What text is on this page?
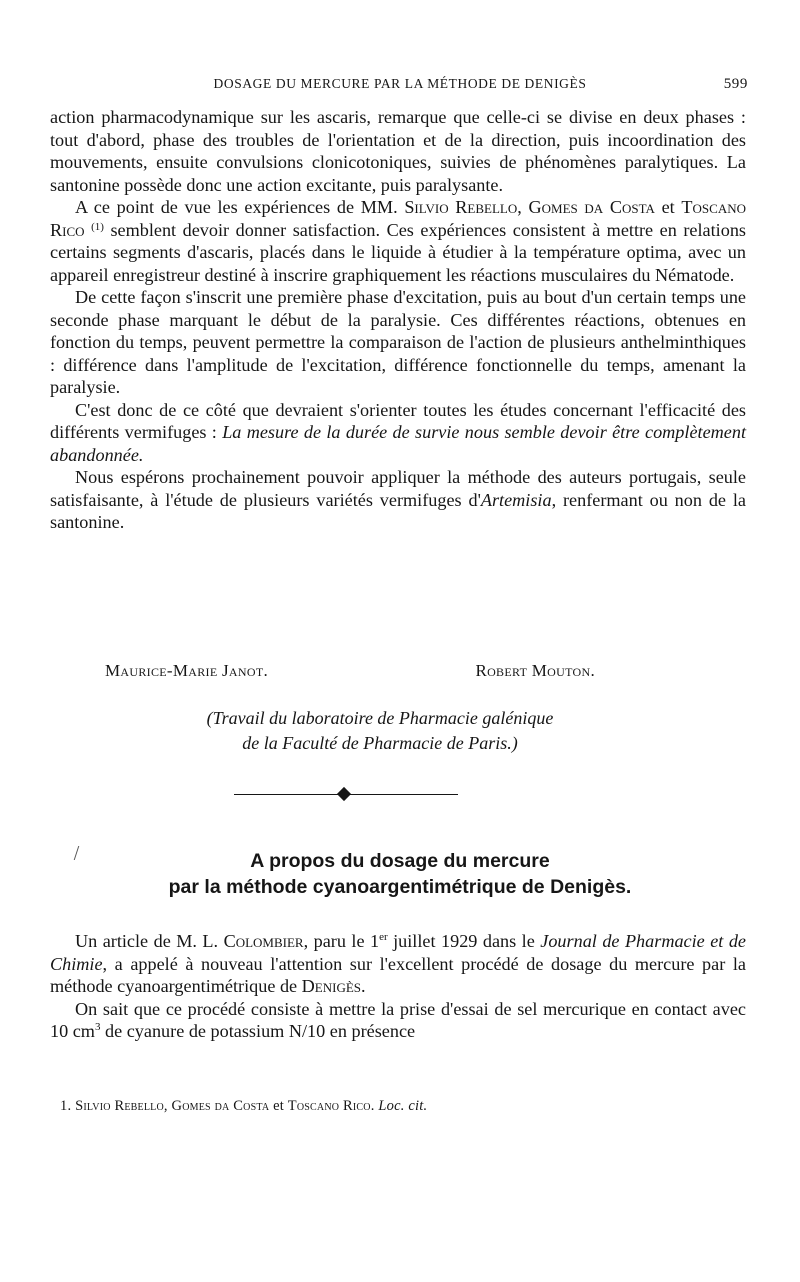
DOSAGE DU MERCURE PAR LA MÉTHODE DE DENIGÈS	599

action pharmacodynamique sur les ascaris, remarque que celle-ci se divise en deux phases : tout d'abord, phase des troubles de l'orientation et de la direction, puis incoordination des mouvements, ensuite convulsions clonicotoniques, suivies de phénomènes paralytiques. La santonine possède donc une action excitante, puis paralysante.

A ce point de vue les expériences de MM. Silvio Rebello, Gomes da Costa et Toscano Rico $^{(1)}$ semblent devoir donner satisfaction. Ces expériences consistent à mettre en relations certains segments d'ascaris, placés dans le liquide à étudier à la température optima, avec un appareil enregistreur destiné à inscrire graphiquement les réactions musculaires du Nématode.

De cette façon s'inscrit une première phase d'excitation, puis au bout d'un certain temps une seconde phase marquant le début de la paralysie. Ces différentes réactions, obtenues en fonction du temps, peuvent permettre la comparaison de l'action de plusieurs anthelminthiques : différence dans l'amplitude de l'excitation, différence fonctionnelle du temps, amenant la paralysie.

C'est donc de ce côté que devraient s'orienter toutes les études concernant l'efficacité des différents vermifuges : La mesure de la durée de survie nous semble devoir être complètement abandonnée.

Nous espérons prochainement pouvoir appliquer la méthode des auteurs portugais, seule satisfaisante, à l'étude de plusieurs variétés vermifuges d'Artemisia, renfermant ou non de la santonine.

Maurice-Marie Janot.	Robert Mouton.
(Travail du laboratoire de Pharmacie galénique
de la Faculté de Pharmacie de Paris.)
A propos du dosage du mercure
par la méthode cyanoargentimétrique de Denigès.

Un article de M. L. Colombier, paru le 1er juillet 1929 dans le Journal de Pharmacie et de Chimie, a appelé à nouveau l'attention sur l'excellent procédé de dosage du mercure par la méthode cyanoargentimétrique de Denigès.

On sait que ce procédé consiste à mettre la prise d'essai de sel mercurique en contact avec 10 $cm^3$ de cyanure de potassium N/10 en présence

1. Silvio Rebello, Gomes da Costa et Toscano Rico. Loc. cit.
